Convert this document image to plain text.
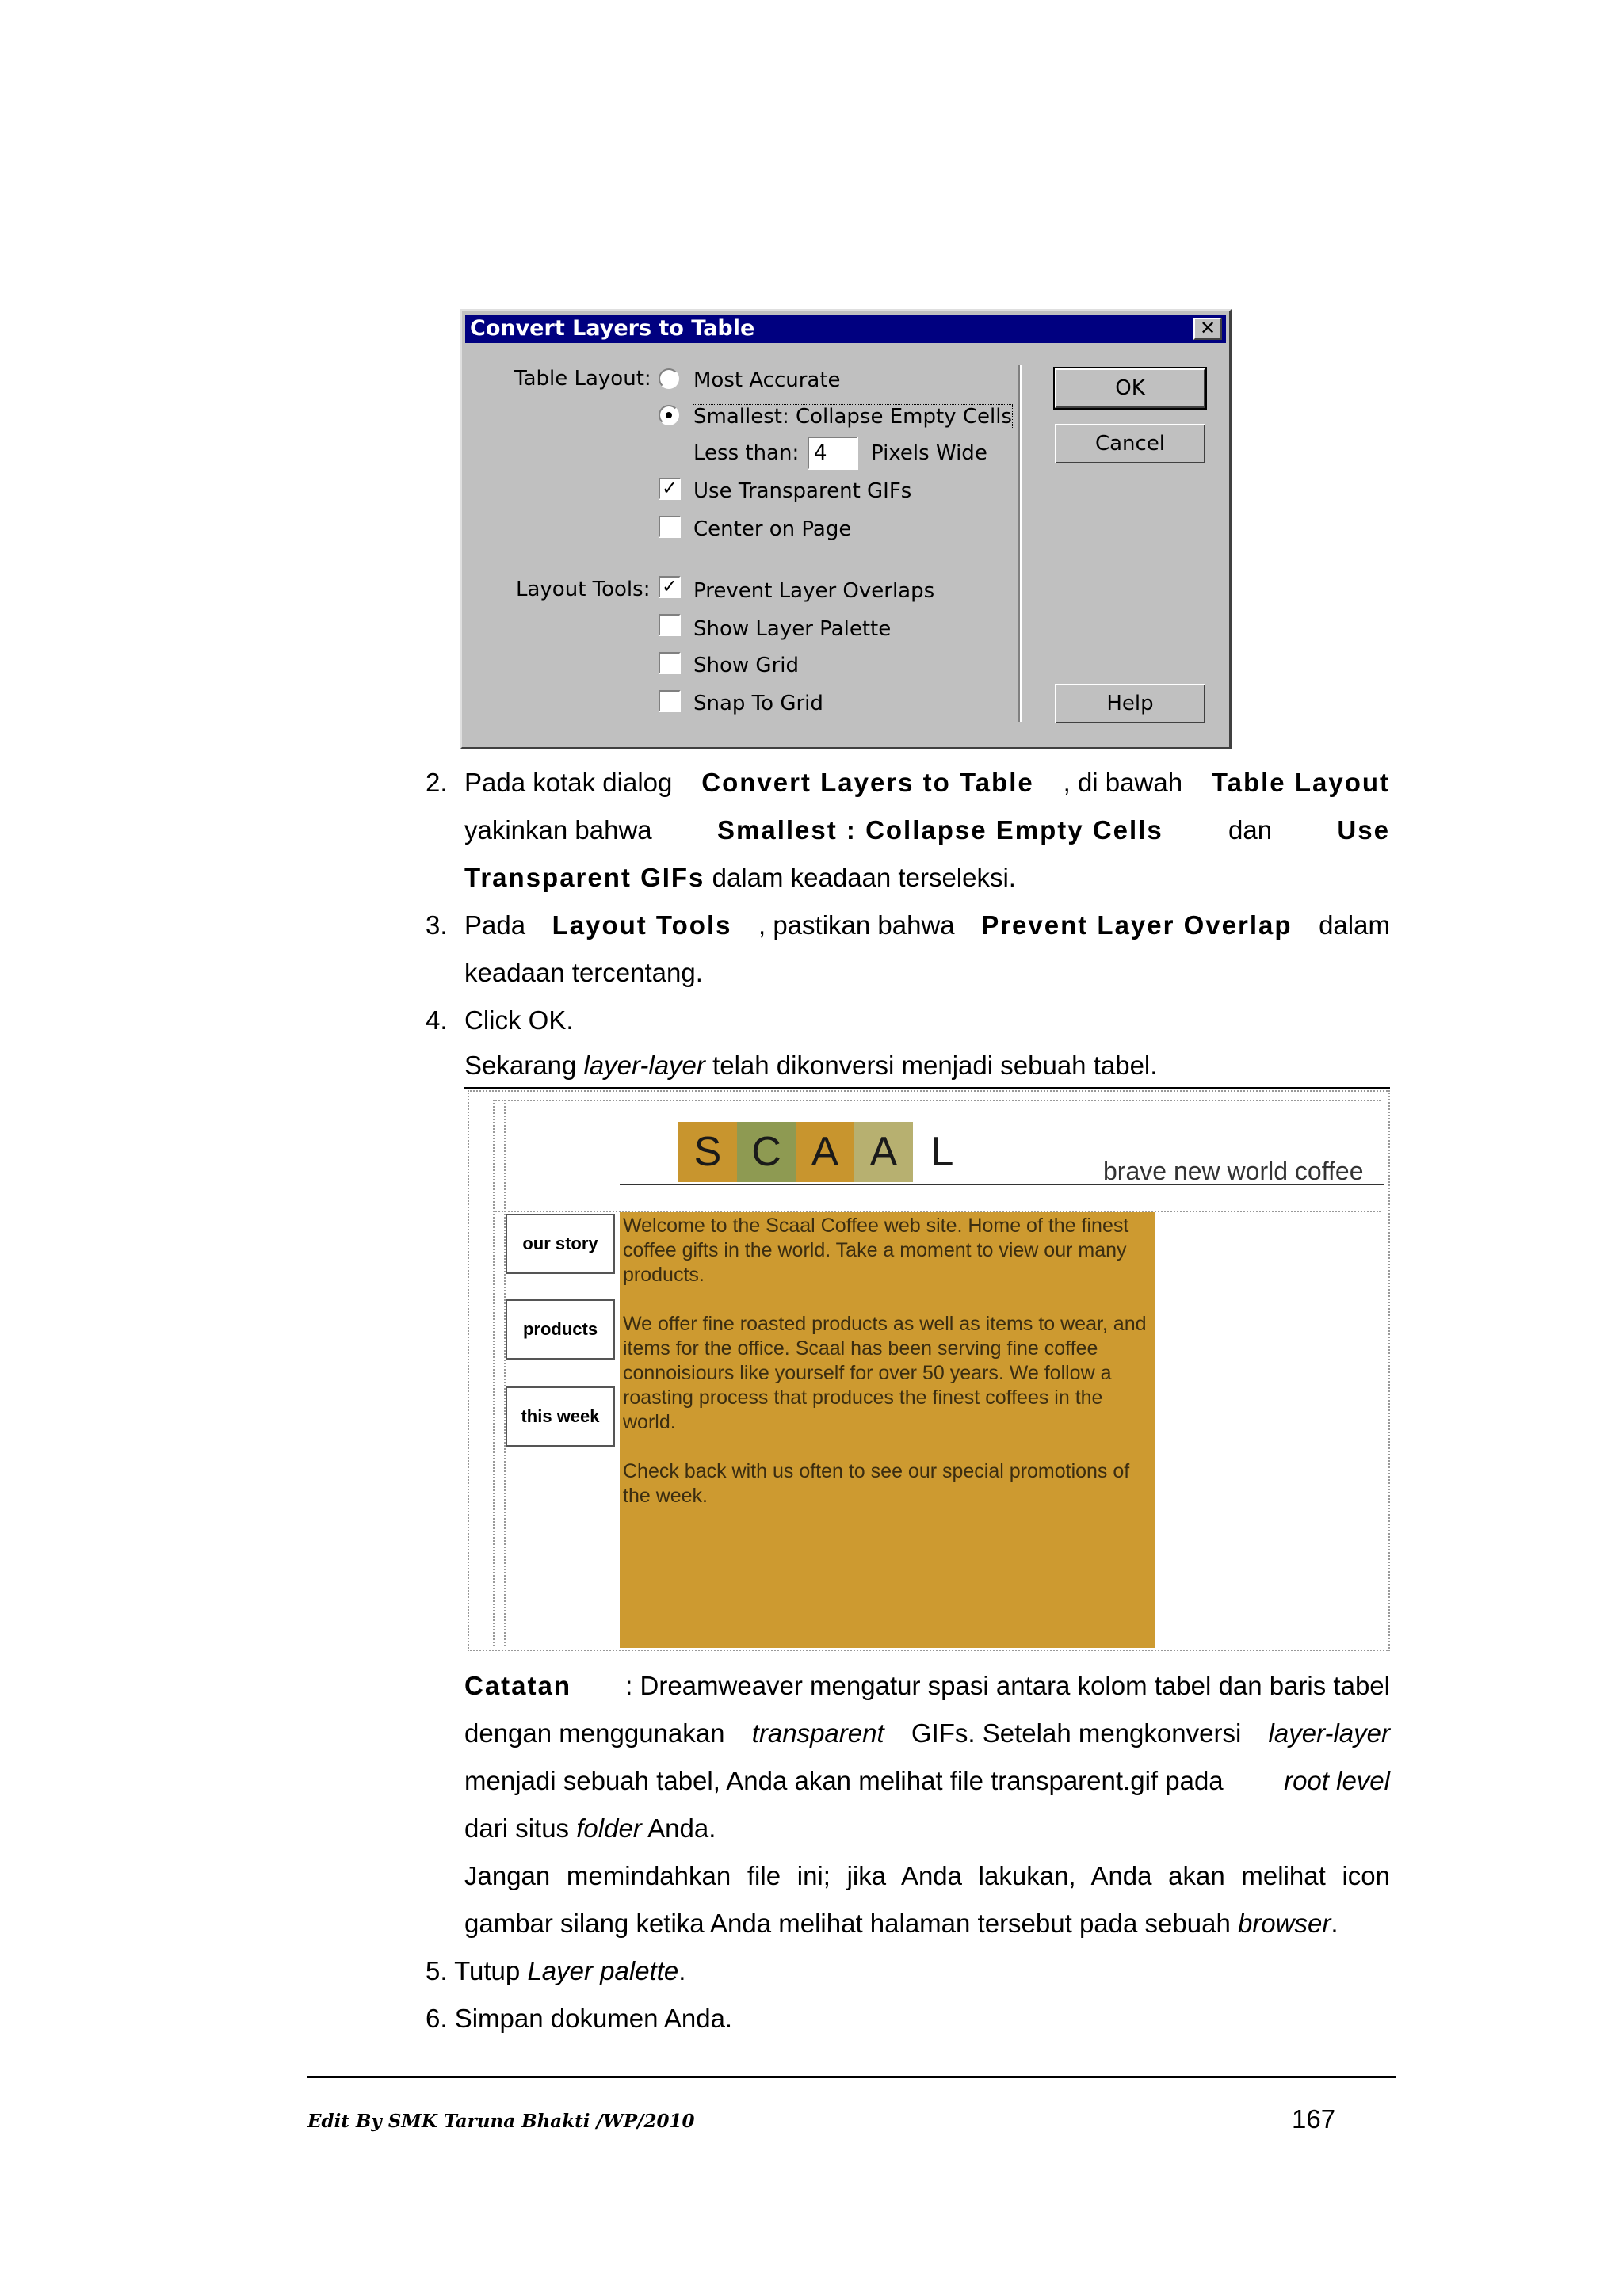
Convert Layers to Table	✕
Table Layout: Most Accurate
Smallest: Collapse Empty Cells
Less than: 4	Pixels Wide
✓ Use Transparent GIFs
Center on Page
Layout Tools: ✓ Prevent Layer Overlaps
Show Layer Palette
Show Grid
Snap To Grid
OK
Cancel
Help
2. Pada kotak dialog Convert Layers to Table , di bawah Table Layout
yakinkan bahwa Smallest : Collapse Empty Cells dan Use
Transparent GIFs dalam keadaan terseleksi.
3. Pada Layout Tools , pastikan bahwa Prevent Layer Overlap dalam
keadaan tercentang.
4. Click OK.
Sekarang layer-layer telah dikonversi menjadi sebuah tabel.
S C A A L	brave new world coffee
our story
products
this week

Welcome to the Scaal Coffee web site. Home of the finest coffee gifts in the world. Take a moment to view our many products.

We offer fine roasted products as well as items to wear, and items for the office. Scaal has been serving fine coffee connoisiours like yourself for over 50 years. We follow a roasting process that produces the finest coffees in the world.

Check back with us often to see our special promotions of the week.

Catatan : Dreamweaver mengatur spasi antara kolom tabel dan baris tabel
dengan menggunakan transparent GIFs. Setelah mengkonversi layer-layer
menjadi sebuah tabel, Anda akan melihat file transparent.gif pada root level
dari situs folder Anda.
Jangan memindahkan file ini; jika Anda lakukan, Anda akan melihat icon
gambar silang ketika Anda melihat halaman tersebut pada sebuah browser.
5. Tutup Layer palette.
6. Simpan dokumen Anda.
Edit By SMK Taruna Bhakti /WP/2010	167
